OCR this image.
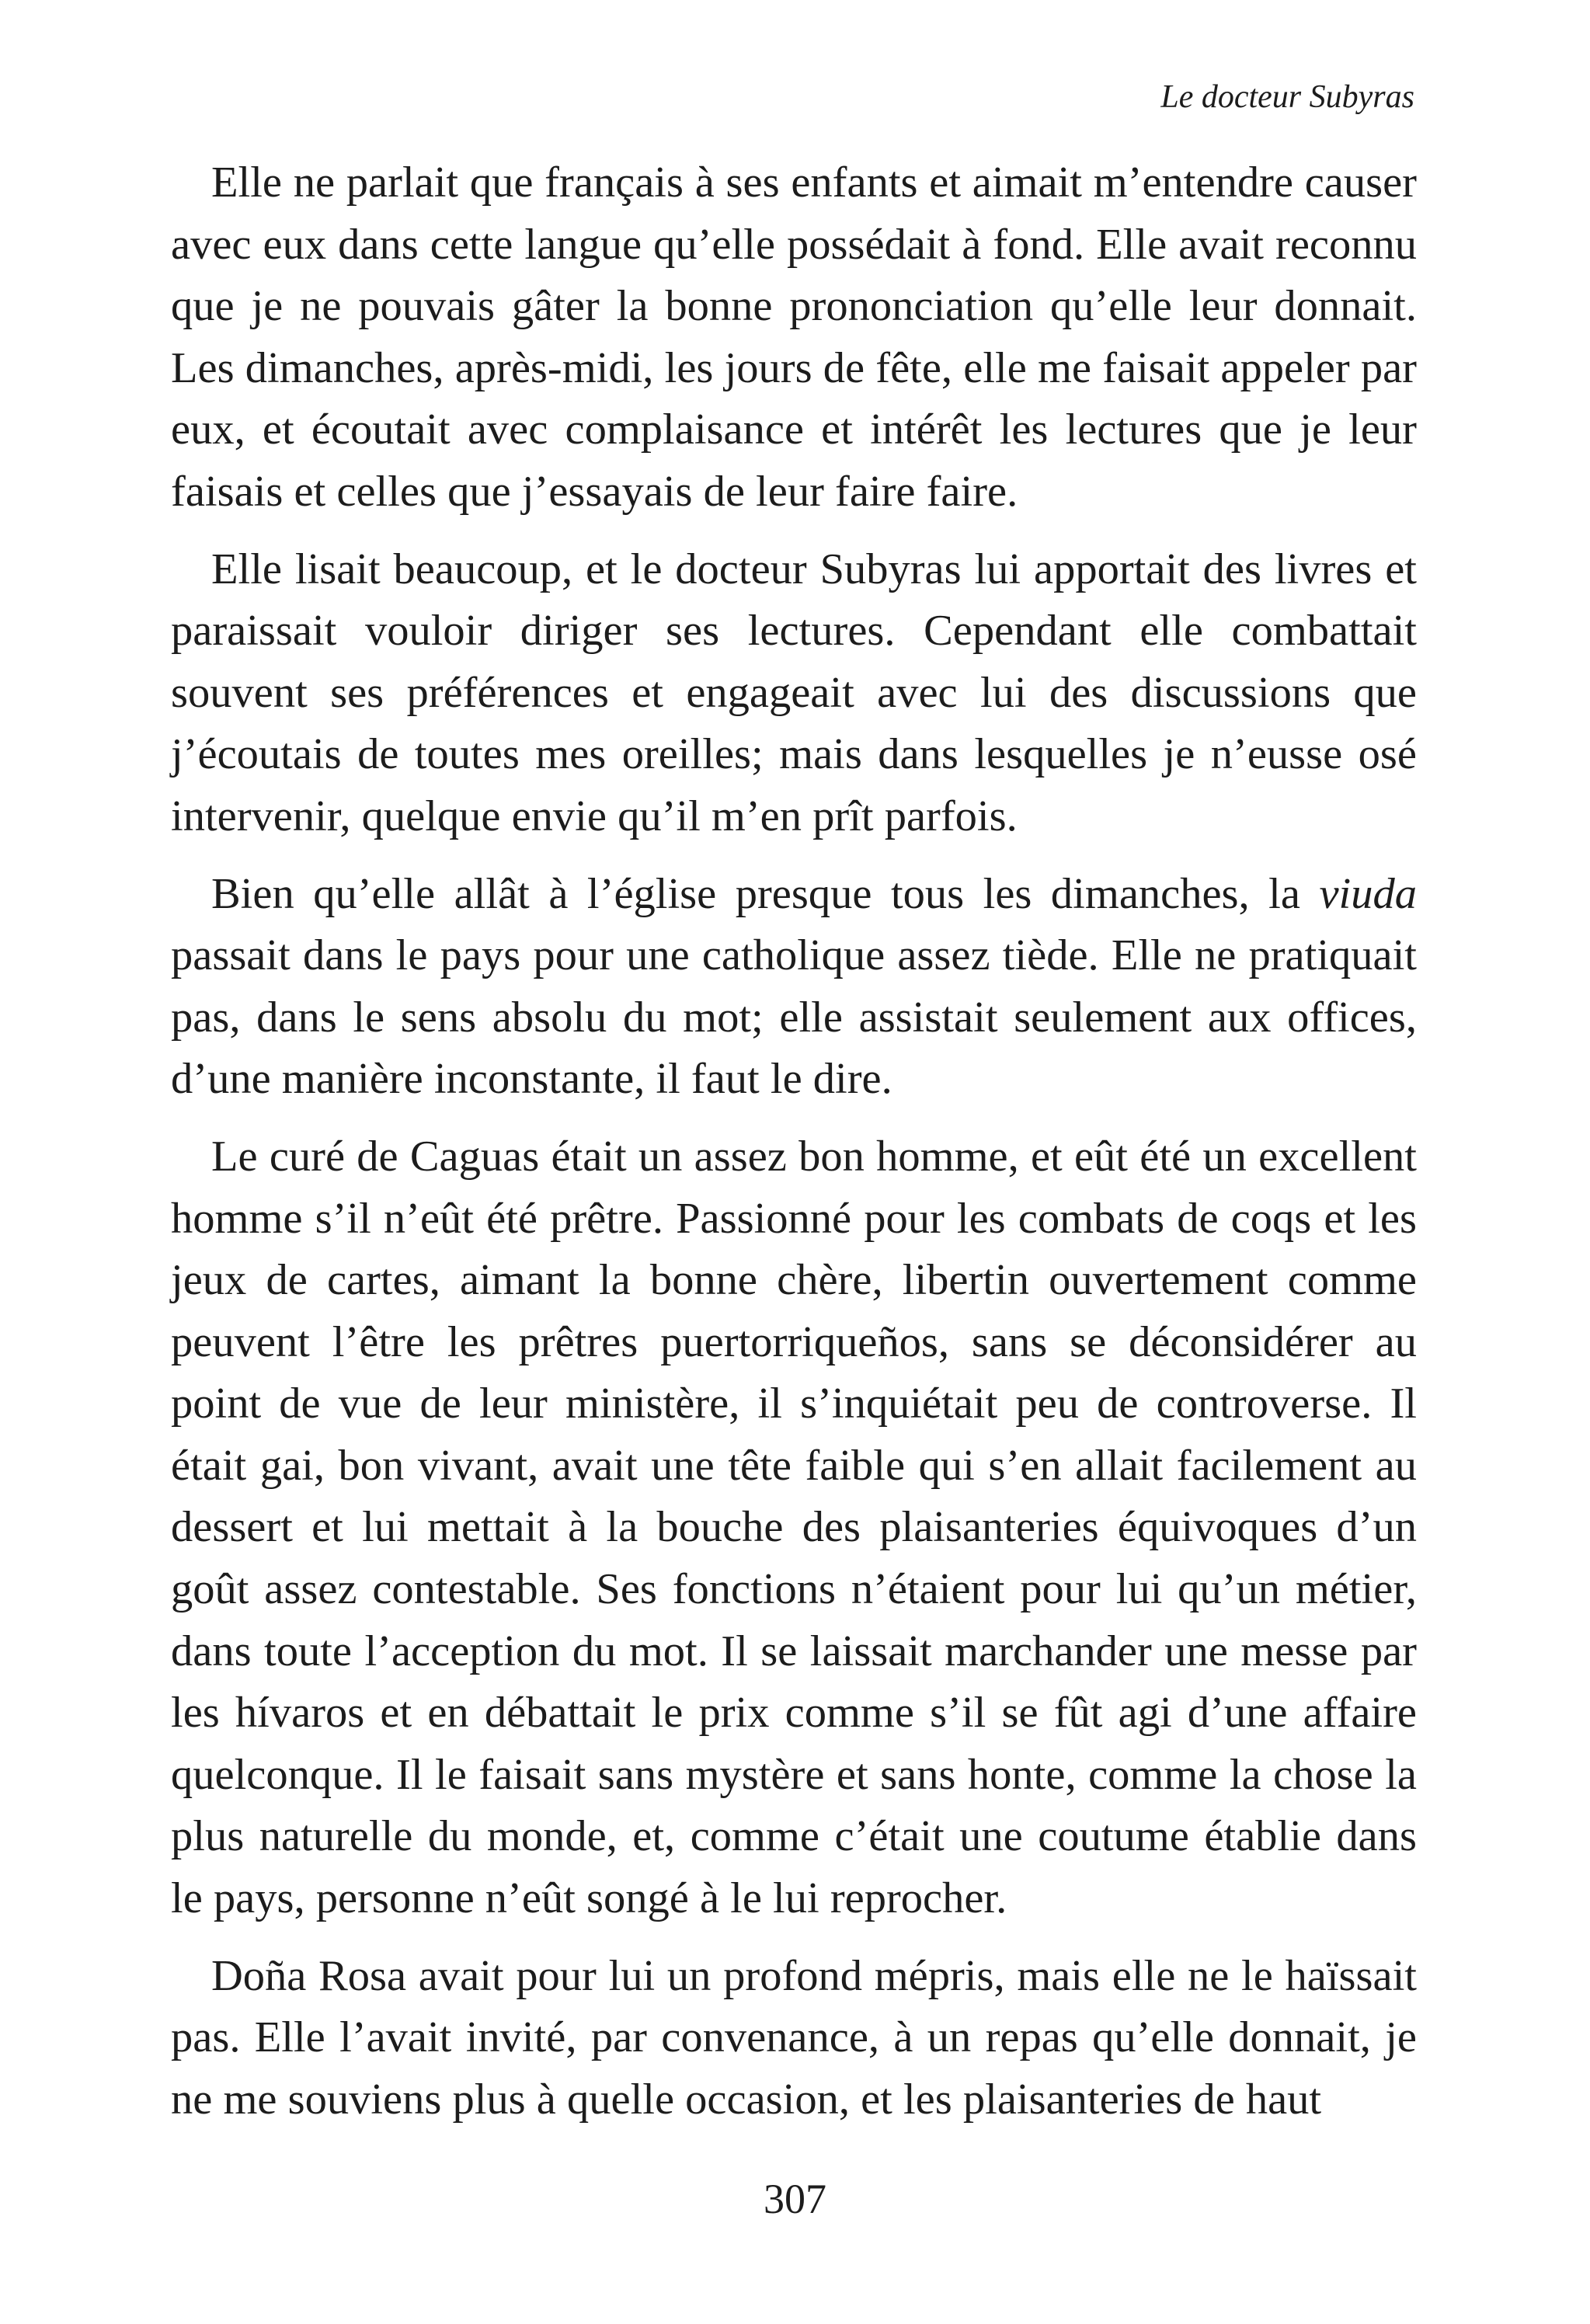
Le docteur Subyras

Elle ne parlait que français à ses enfants et aimait m’entendre causer avec eux dans cette langue qu’elle possédait à fond. Elle avait reconnu que je ne pouvais gâter la bonne prononciation qu’elle leur donnait. Les dimanches, après-midi, les jours de fête, elle me faisait appeler par eux, et écoutait avec complaisance et intérêt les lectures que je leur faisais et celles que j’essayais de leur faire faire.

Elle lisait beaucoup, et le docteur Subyras lui apportait des livres et paraissait vouloir diriger ses lectures. Cependant elle combattait souvent ses préférences et engageait avec lui des discussions que j’écoutais de toutes mes oreilles; mais dans lesquelles je n’eusse osé intervenir, quelque envie qu’il m’en prît parfois.

Bien qu’elle allât à l’église presque tous les dimanches, la viuda passait dans le pays pour une catholique assez tiède. Elle ne pratiquait pas, dans le sens absolu du mot; elle assistait seulement aux offices, d’une manière inconstante, il faut le dire.

Le curé de Caguas était un assez bon homme, et eût été un excellent homme s’il n’eût été prêtre. Passionné pour les combats de coqs et les jeux de cartes, aimant la bonne chère, libertin ouvertement comme peuvent l’être les prêtres puertorriqueños, sans se déconsidérer au point de vue de leur ministère, il s’inquiétait peu de controverse. Il était gai, bon vivant, avait une tête faible qui s’en allait facilement au dessert et lui mettait à la bouche des plaisanteries équivoques d’un goût assez contestable. Ses fonctions n’étaient pour lui qu’un métier, dans toute l’acception du mot. Il se laissait marchander une messe par les hívaros et en débattait le prix comme s’il se fût agi d’une affaire quelconque. Il le faisait sans mystère et sans honte, comme la chose la plus naturelle du monde, et, comme c’était une coutume établie dans le pays, personne n’eût songé à le lui reprocher.

Doña Rosa avait pour lui un profond mépris, mais elle ne le haïssait pas. Elle l’avait invité, par convenance, à un repas qu’elle donnait, je ne me souviens plus à quelle occasion, et les plaisanteries de haut

307
